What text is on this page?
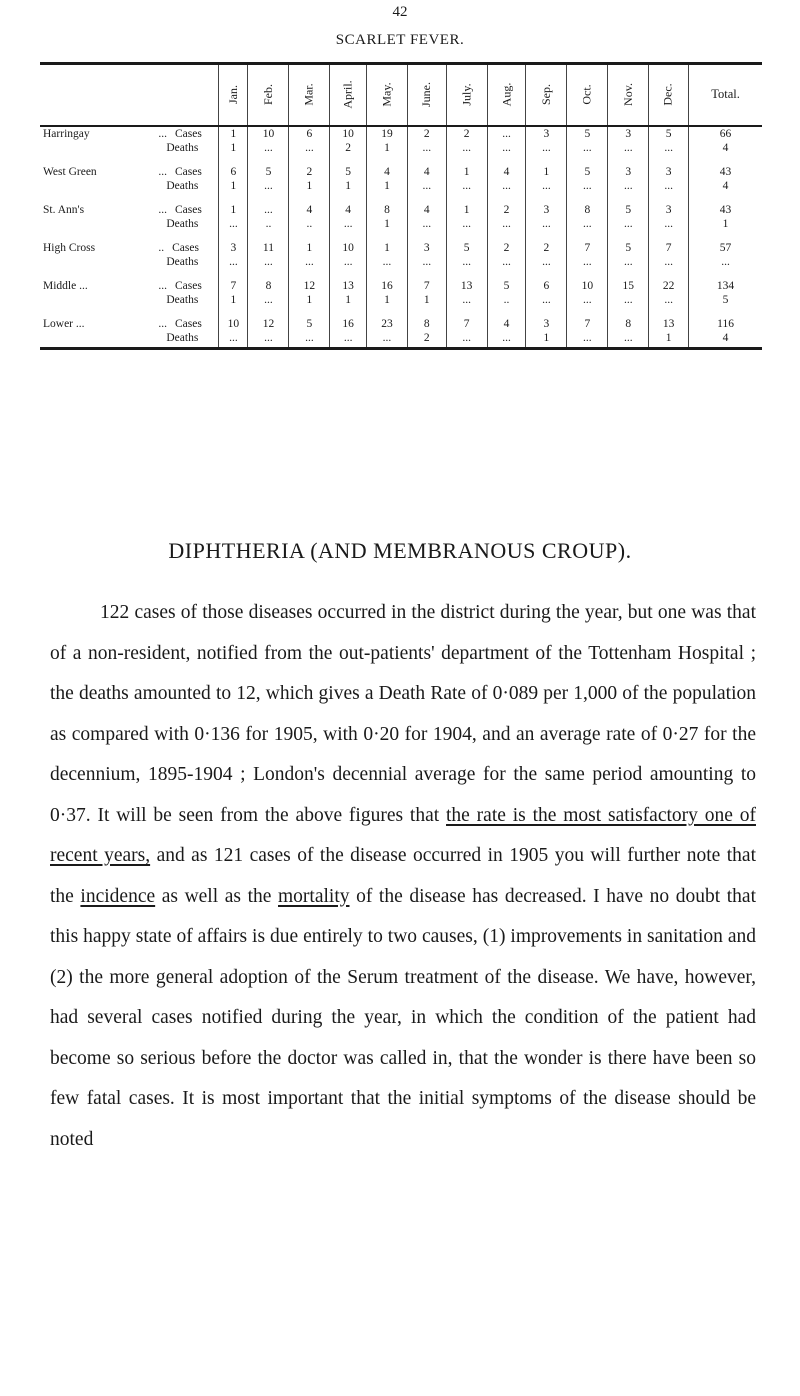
42
SCARLET FEVER.
		Jan.	Feb.	Mar.	April.	May.	June.	July.	Aug.	Sep.	Oct.	Nov.	Dec.	Total.
Harringay	... Cases	1	10	6	10	19	2	2	...	3	5	3	5	66
	Deaths	1	...	...	2	1	...	...	...	...	...	...	...	4

West Green	... Cases	6	5	2	5	4	4	1	4	1	5	3	3	43
	Deaths	1	...	1	1	1	...	...	...	...	...	...	...	4

St. Ann's	... Cases	1	...	4	4	8	4	1	2	3	8	5	3	43
	Deaths	...	..	..	...	1	...	...	...	...	...	...	...	1

High Cross	.. Cases	3	11	1	10	1	3	5	2	2	7	5	7	57
	Deaths	...	...	...	...	...	...	...	...	...	...	...	...	...

Middle ...	... Cases	7	8	12	13	16	7	13	5	6	10	15	22	134
	Deaths	1	...	1	1	1	1	...	..	...	...	...	...	5

Lower ...	... Cases	10	12	5	16	23	8	7	4	3	7	8	13	116
	Deaths	...	...	...	...	...	2	...	...	1	...	...	1	4
DIPHTHERIA (AND MEMBRANOUS CROUP).

122 cases of those diseases occurred in the district during the year, but one was that of a non-resident, notified from the out-patients' department of the Tottenham Hospital ; the deaths amounted to 12, which gives a Death Rate of 0·089 per 1,000 of the population as compared with 0·136 for 1905, with 0·20 for 1904, and an average rate of 0·27 for the decennium, 1895-1904 ; London's decennial average for the same period amounting to 0·37. It will be seen from the above figures that the rate is the most satisfactory one of recent years, and as 121 cases of the disease occurred in 1905 you will further note that the incidence as well as the mortality of the disease has decreased. I have no doubt that this happy state of affairs is due entirely to two causes, (1) improvements in sanitation and (2) the more general adoption of the Serum treatment of the disease. We have, however, had several cases notified during the year, in which the condition of the patient had become so serious before the doctor was called in, that the wonder is there have been so few fatal cases. It is most important that the initial symptoms of the disease should be noted
